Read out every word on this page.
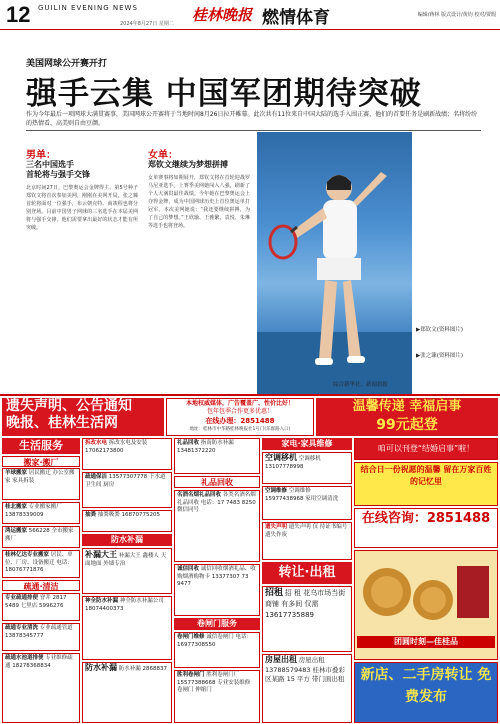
12 GUILIN EVENING NEWS
2024年8月27日 星期二 桂林晚报 燃情体育	编辑/蒋林 版式设计/黄钧 校对/贾瑕
美国网球公开赛开打
强手云集 中国军团期待突破
作为今年最后一项网球大满贯赛事，美国网球公开赛将于当地时间8月26日拉开帷幕。此次共有11位来自中国大陆的选手入围正赛，他们的首要任务是刷新战绩；名将纷纷的热情看，高美则自由豆颜。
男单：
三名中国选手
首轮将与强手交锋
北京时间27日，巴黎奥运会金牌得主、第5号种子郑钦文将首次参加美网，刚刚在美网开局。张之臻首轮将面对一位强手，布云朝克特、商竣程也将分别登场。目前中国男子网球的三名选手在本届美网将与强手交锋，他们需要拿出最好的状态才能有所突破。
女单：
郑钦文继续为梦想拼搏
女单赛事将如期展开，郑钦文将在首轮迎战罗马尼亚选手。上赛季美网她闯入八强，刷新了个人大满贯最佳战绩。今年她在巴黎奥运会上夺得金牌，成为中国网球历史上首位奥运单打冠军。本次美网她说：“我还要继续拼搏，为了自己的梦想。”王欣瑜、王雅繁、袁悦、朱琳等选手也将登场。
▶郑钦文(资料图片)
▶张之臻(资料图片)
综合新华社、新闻晨报
遗失声明、公告通知
晚报、桂林生活网
本地权威媒体，广告覆盖广、性价比好！
包年包季合作更多优惠！
在线办理：2851488
地址：桂林市中华路桂林晚报社1号门(乐群路入口)
温馨传递 幸福启事
99元起登
生活服务
搬家·搬厂
羊球搬家 居民搬迁 办公室搬家 家具拆装
桂北搬家 专业搬家搬厂 13878339009
鸿运搬家 566228 全市搬家搬厂
桂林亿达专业搬家 居民、单位、厂房、设备搬迁 电话：18076771876
疏通·清洁
专业疏通排便 窨井 2817 5489 七里店 5996276
疏通专业清洗 专业疏通管道 13878345777
疏通水池道排便 专业维修疏通 18278368834
拆改水电 拆改水电及安装 17062173800
疏通保洁 13577307778 下水道 卫生间 厨房
抽粪 抽粪吸粪 16870775205
防水补漏
补漏大王 补漏大王 鑫楼人 天面地面 外墙专治
神全防水补漏 神全防水补漏公司 18074400373
防水补漏 防水补漏 2868837
礼品回收 指南防水补漏 13481372220
礼品回收
名酒名烟礼品回收 各类名酒名烟礼品回收 电话：17 7483 8250 微信同号
诚信回收 诚信回收烟酒礼品、收购烟酒购物卡 13377307 73 9477
卷闸门服务
卷闸门维修 诚信卷闸门 电话：16977308550
胜利卷闸门 胜利卷闸门厂 15577388668 专业安装维修 卷闸门 伸缩门
家电·家具维修
空调移机 空调移机 13107778998
空调维修 空调维修 15977438968 家用空调清洗
遗失声明 遗失声明 仅 持证书编号 遗失作废
转让·出租
招租 招 租 花乌市场当街 商铺 有多间 仅需 13617735889
房屋出租 房屋出租 13788579483 桂林市叠彩区某路 15 平方 带门面出租
咱可以刊登“结婚启事”啦！
结合日一份祝愿的温馨 留在万家百姓的记忆里
在线咨询：2851488
团圆时刻—佳桂品
新店、二手房转让 免费发布
